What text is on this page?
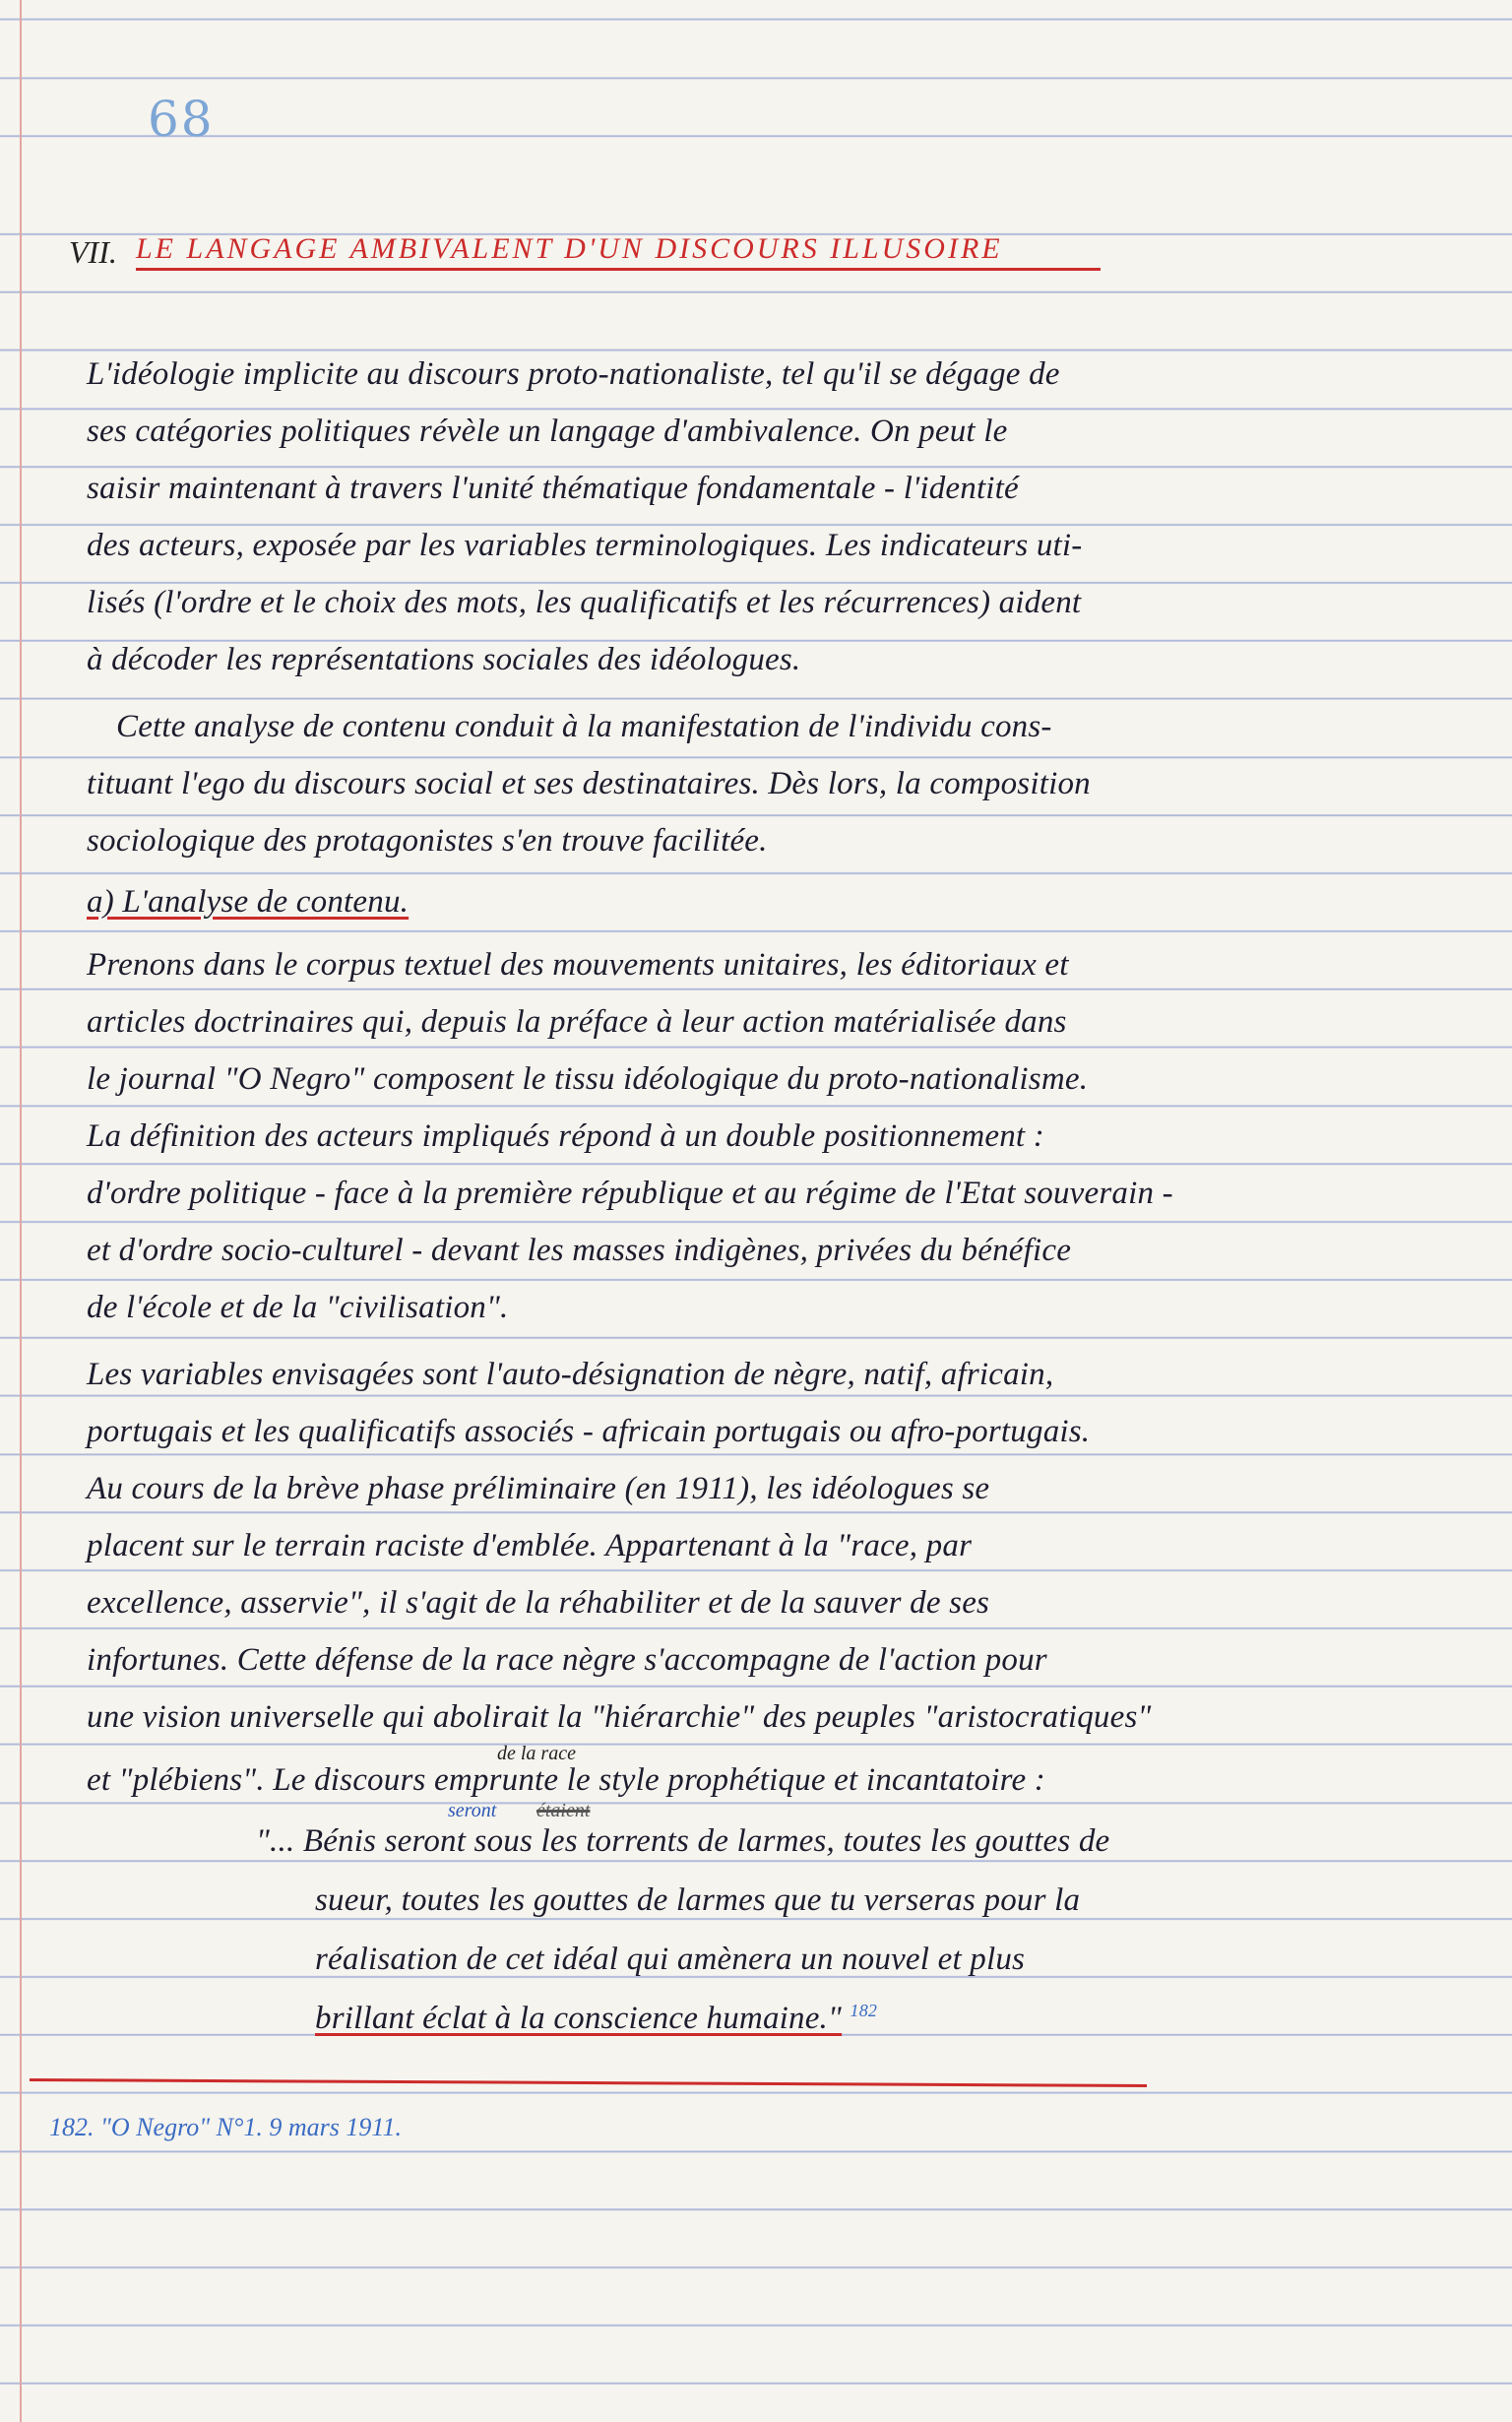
68
VII. LE LANGAGE AMBIVALENT D'UN DISCOURS ILLUSOIRE
L'idéologie implicite au discours proto-nationaliste, tel qu'il se dégage de
ses catégories politiques révèle un langage d'ambivalence. On peut le
saisir maintenant à travers l'unité thématique fondamentale - l'identité
des acteurs, exposée par les variables terminologiques. Les indicateurs uti-
lisés (l'ordre et le choix des mots, les qualificatifs et les récurrences) aident
à décoder les représentations sociales des idéologues.
Cette analyse de contenu conduit à la manifestation de l'individu cons-
tituant l'ego du discours social et ses destinataires. Dès lors, la composition
sociologique des protagonistes s'en trouve facilitée.
a) L'analyse de contenu.
Prenons dans le corpus textuel des mouvements unitaires, les éditoriaux et
articles doctrinaires qui, depuis la préface à leur action matérialisée dans
le journal "O Negro" composent le tissu idéologique du proto-nationalisme.
La définition des acteurs impliqués répond à un double positionnement :
d'ordre politique - face à la première république et au régime de l'Etat souverain -
et d'ordre socio-culturel - devant les masses indigènes, privées du bénéfice
de l'école et de la "civilisation".
Les variables envisagées sont l'auto-désignation de nègre, natif, africain,
portugais et les qualificatifs associés - africain portugais ou afro-portugais.
Au cours de la brève phase préliminaire (en 1911), les idéologues se
placent sur le terrain raciste d'emblée. Appartenant à la "race, par
excellence, asservie", il s'agit de la réhabiliter et de la sauver de ses
infortunes. Cette défense de la race nègre s'accompagne de l'action pour
une vision universelle qui abolirait la "hiérarchie" des peuples "aristocratiques"
de la race
et "plébiens". Le discours emprunte le style prophétique et incantatoire :
seront étaient
"... Bénis seront sous les torrents de larmes, toutes les gouttes de
sueur, toutes les gouttes de larmes que tu verseras pour la
réalisation de cet idéal qui amènera un nouvel et plus
brillant éclat à la conscience humaine." $^{182}$
182. "O Negro" N°1. 9 mars 1911.
